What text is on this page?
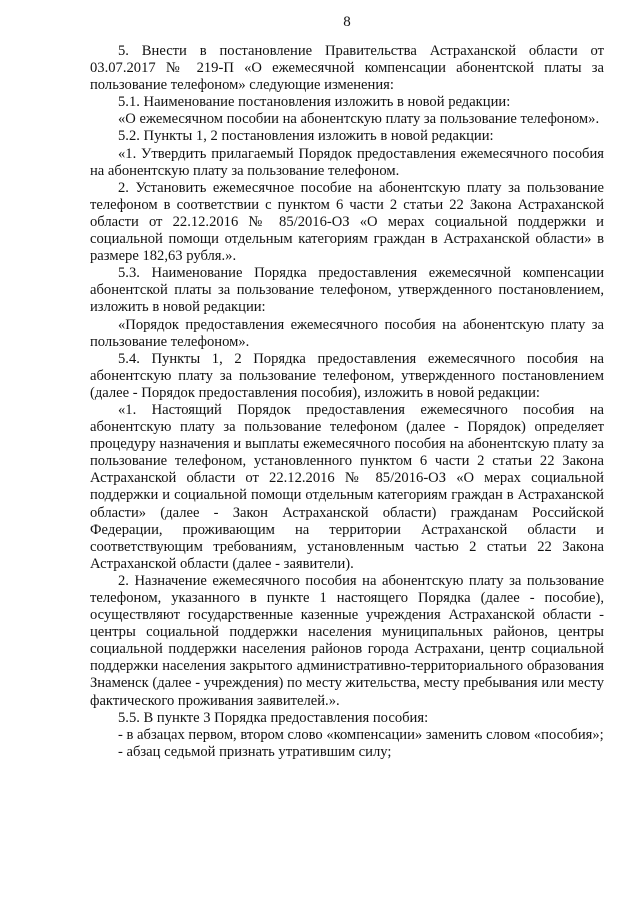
8

5. Внести в постановление Правительства Астраханской области от 03.07.2017 № 219-П «О ежемесячной компенсации абонентской платы за пользование телефоном» следующие изменения:

5.1. Наименование постановления изложить в новой редакции:

«О ежемесячном пособии на абонентскую плату за пользование телефоном».

5.2. Пункты 1, 2 постановления изложить в новой редакции:

«1. Утвердить прилагаемый Порядок предоставления ежемесячного пособия на абонентскую плату за пользование телефоном.

2. Установить ежемесячное пособие на абонентскую плату за пользование телефоном в соответствии с пунктом 6 части 2 статьи 22 Закона Астраханской области от 22.12.2016 № 85/2016-ОЗ «О мерах социальной поддержки и социальной помощи отдельным категориям граждан в Астраханской области» в размере 182,63 рубля.».

5.3. Наименование Порядка предоставления ежемесячной компенсации абонентской платы за пользование телефоном, утвержденного постановлением, изложить в новой редакции:

«Порядок предоставления ежемесячного пособия на абонентскую плату за пользование телефоном».

5.4. Пункты 1, 2 Порядка предоставления ежемесячного пособия на абонентскую плату за пользование телефоном, утвержденного постановлением (далее - Порядок предоставления пособия), изложить в новой редакции:

«1. Настоящий Порядок предоставления ежемесячного пособия на абонентскую плату за пользование телефоном (далее - Порядок) определяет процедуру назначения и выплаты ежемесячного пособия на абонентскую плату за пользование телефоном, установленного пунктом 6 части 2 статьи 22 Закона Астраханской области от 22.12.2016 № 85/2016-ОЗ «О мерах социальной поддержки и социальной помощи отдельным категориям граждан в Астраханской области» (далее - Закон Астраханской области) гражданам Российской Федерации, проживающим на территории Астраханской области и соответствующим требованиям, установленным частью 2 статьи 22 Закона Астраханской области (далее - заявители).

2. Назначение ежемесячного пособия на абонентскую плату за пользование телефоном, указанного в пункте 1 настоящего Порядка (далее - пособие), осуществляют государственные казенные учреждения Астраханской области - центры социальной поддержки населения муниципальных районов, центры социальной поддержки населения районов города Астрахани, центр социальной поддержки населения закрытого административно-территориального образования Знаменск (далее - учреждения) по месту жительства, месту пребывания или месту фактического проживания заявителей.».

5.5. В пункте 3 Порядка предоставления пособия:

- в абзацах первом, втором слово «компенсации» заменить словом «пособия»;

- абзац седьмой признать утратившим силу;
